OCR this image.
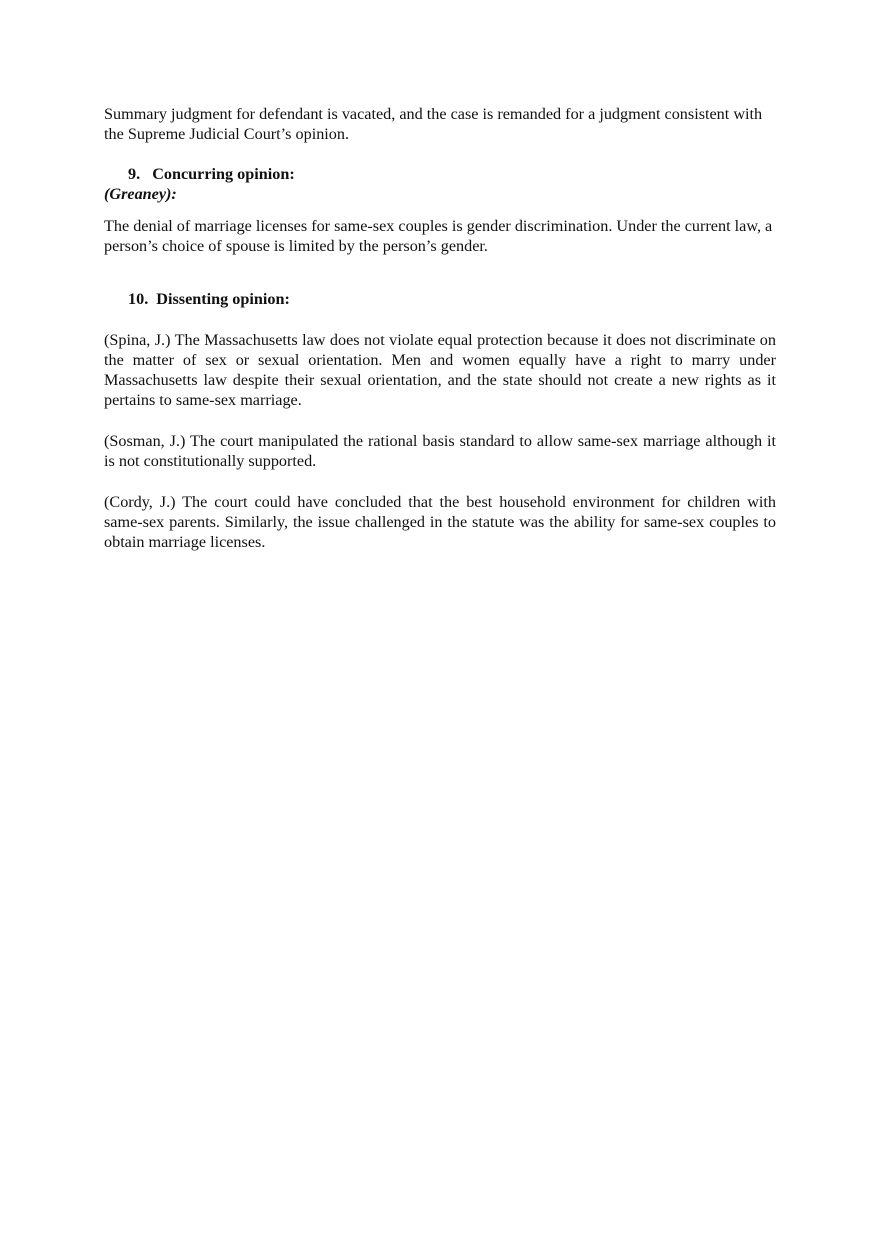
Summary judgment for defendant is vacated, and the case is remanded for a judgment consistent with the Supreme Judicial Court’s opinion.

9. Concurring opinion:
(Greaney):

The denial of marriage licenses for same-sex couples is gender discrimination. Under the current law, a person’s choice of spouse is limited by the person’s gender.

10. Dissenting opinion:

(Spina, J.) The Massachusetts law does not violate equal protection because it does not discriminate on the matter of sex or sexual orientation. Men and women equally have a right to marry under Massachusetts law despite their sexual orientation, and the state should not create a new rights as it pertains to same-sex marriage.

(Sosman, J.) The court manipulated the rational basis standard to allow same-sex marriage although it is not constitutionally supported.

(Cordy, J.) The court could have concluded that the best household environment for children with same-sex parents. Similarly, the issue challenged in the statute was the ability for same-sex couples to obtain marriage licenses.
